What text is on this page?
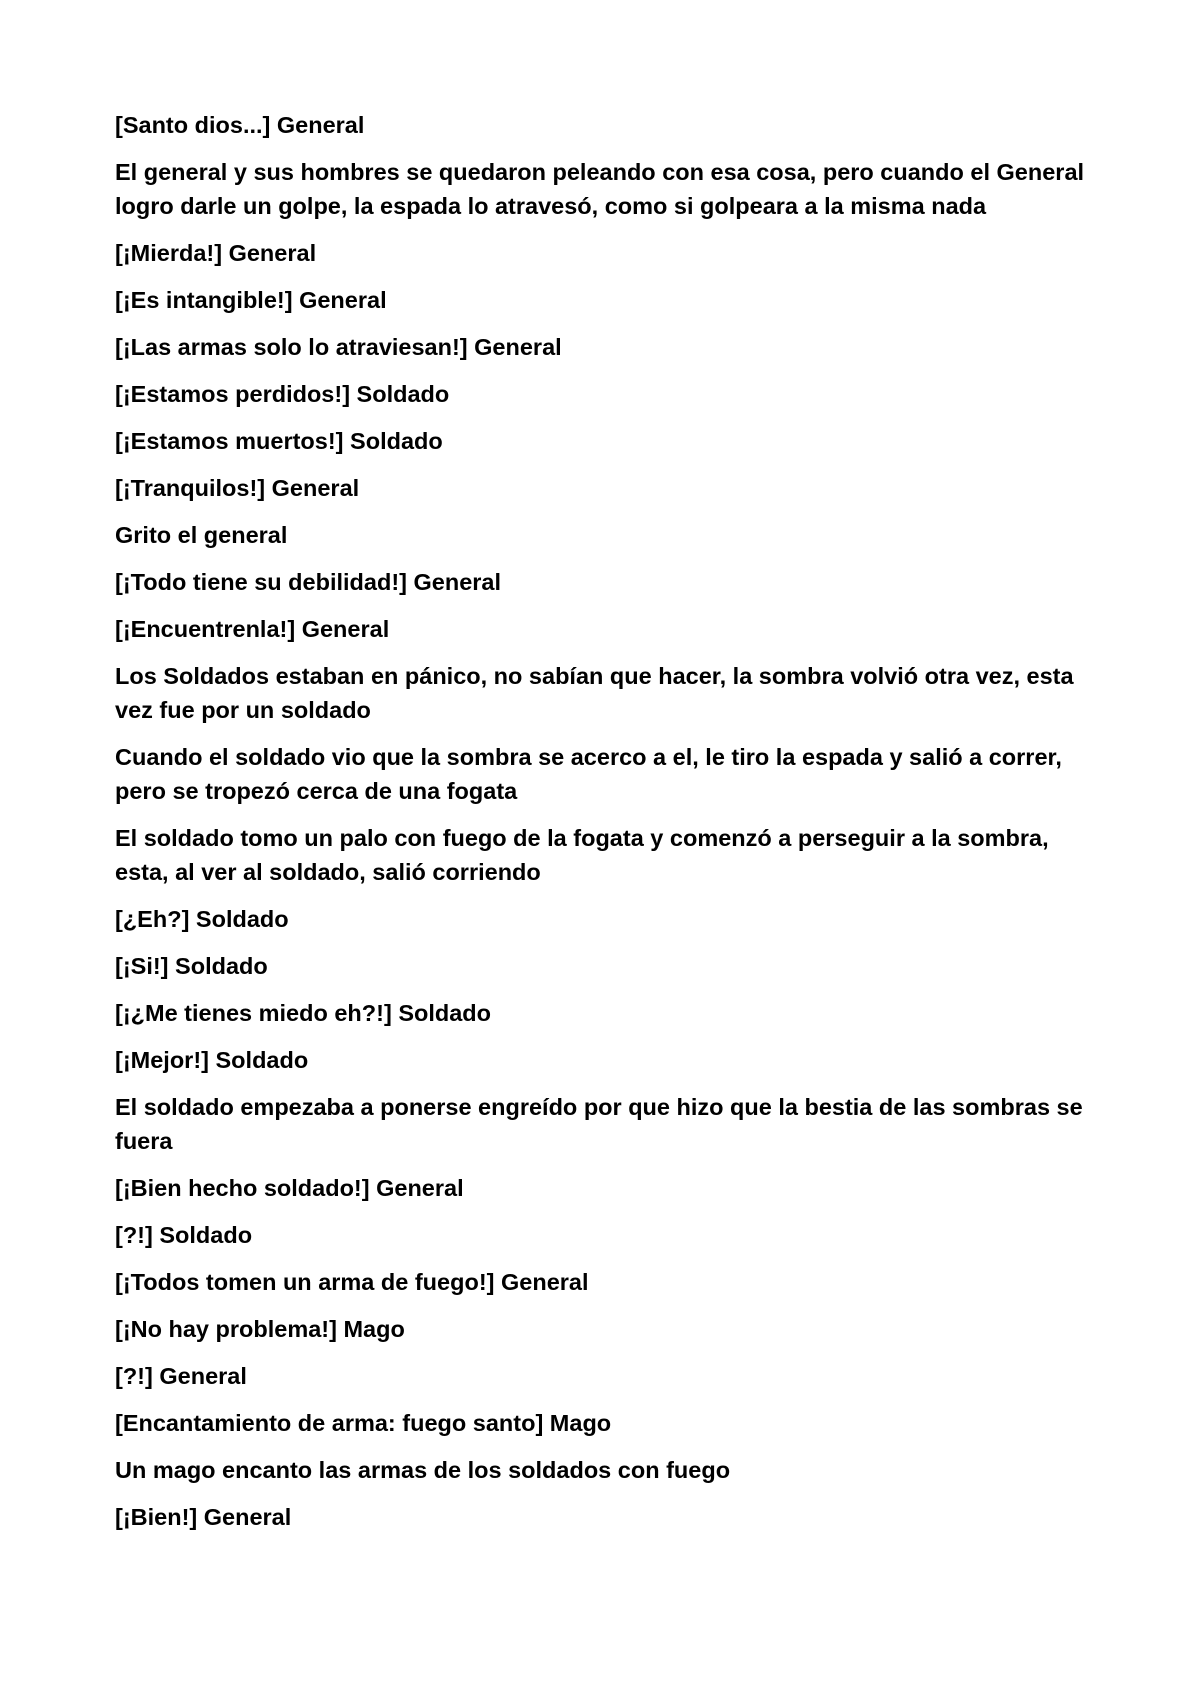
[Santo dios...] General

El general y sus hombres se quedaron peleando con esa cosa, pero cuando el General logro darle un golpe, la espada lo atravesó, como si golpeara a la misma nada

[¡Mierda!] General

[¡Es intangible!] General

[¡Las armas solo lo atraviesan!] General

[¡Estamos perdidos!] Soldado

[¡Estamos muertos!] Soldado

[¡Tranquilos!] General

Grito el general

[¡Todo tiene su debilidad!] General

[¡Encuentrenla!] General

Los Soldados estaban en pánico, no sabían que hacer, la sombra volvió otra vez, esta vez fue por un soldado

Cuando el soldado vio que la sombra se acerco a el, le tiro la espada y salió a correr, pero se tropezó cerca de una fogata

El soldado tomo un palo con fuego de la fogata y comenzó a perseguir a la sombra, esta, al ver al soldado, salió corriendo

[¿Eh?] Soldado

[¡Si!] Soldado

[¡¿Me tienes miedo eh?!] Soldado

[¡Mejor!] Soldado

El soldado empezaba a ponerse engreído por que hizo que la bestia de las sombras se fuera

[¡Bien hecho soldado!] General

[?!] Soldado

[¡Todos tomen un arma de fuego!] General

[¡No hay problema!] Mago

[?!] General

[Encantamiento de arma: fuego santo] Mago

Un mago encanto las armas de los soldados con fuego

[¡Bien!] General
